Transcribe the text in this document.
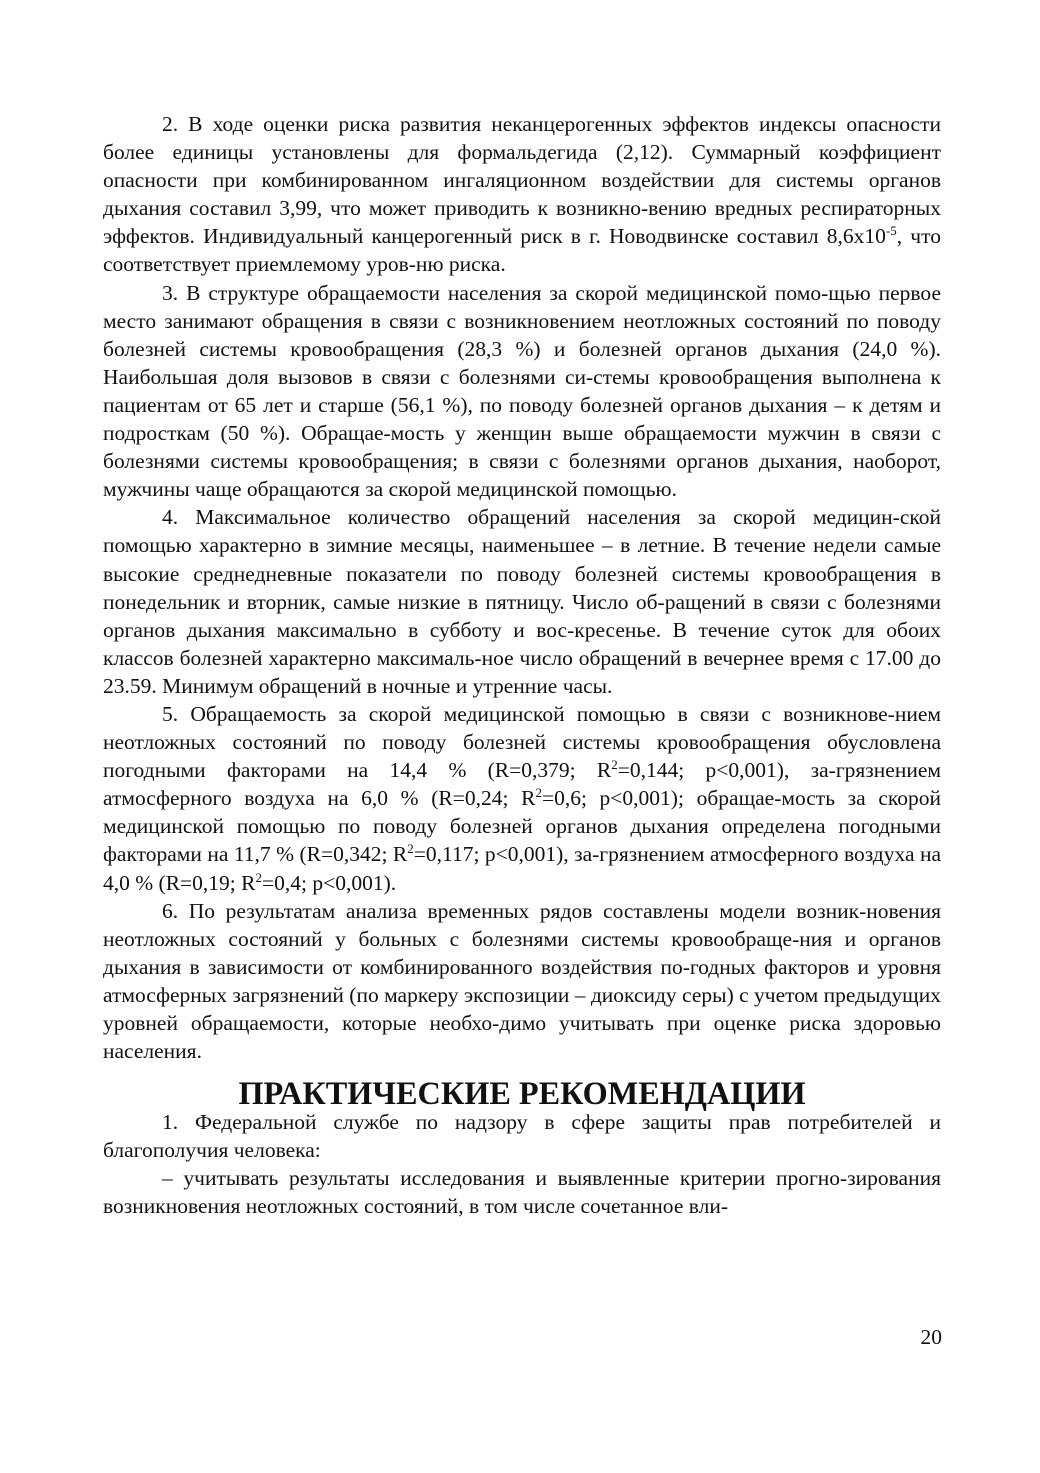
2. В ходе оценки риска развития неканцерогенных эффектов индексы опасности более единицы установлены для формальдегида (2,12). Суммарный коэффициент опасности при комбинированном ингаляционном воздействии для системы органов дыхания составил 3,99, что может приводить к возникно-вению вредных респираторных эффектов. Индивидуальный канцерогенный риск в г. Новодвинске составил $8,6х10^{-5}$, что соответствует приемлемому уров-ню риска.

3. В структуре обращаемости населения за скорой медицинской помо-щью первое место занимают обращения в связи с возникновением неотложных состояний по поводу болезней системы кровообращения (28,3 %) и болезней органов дыхания (24,0 %). Наибольшая доля вызовов в связи с болезнями си-стемы кровообращения выполнена к пациентам от 65 лет и старше (56,1 %), по поводу болезней органов дыхания – к детям и подросткам (50 %). Обращае-мость у женщин выше обращаемости мужчин в связи с болезнями системы кровообращения; в связи с болезнями органов дыхания, наоборот, мужчины чаще обращаются за скорой медицинской помощью.

4. Максимальное количество обращений населения за скорой медицин-ской помощью характерно в зимние месяцы, наименьшее – в летние. В течение недели самые высокие среднедневные показатели по поводу болезней системы кровообращения в понедельник и вторник, самые низкие в пятницу. Число об-ращений в связи с болезнями органов дыхания максимально в субботу и вос-кресенье. В течение суток для обоих классов болезней характерно максималь-ное число обращений в вечернее время с 17.00 до 23.59. Минимум обращений в ночные и утренние часы.

5. Обращаемость за скорой медицинской помощью в связи с возникнове-нием неотложных состояний по поводу болезней системы кровообращения обусловлена погодными факторами на 14,4 % (R=0,379; $R^2=0,144$; р<0,001), за-грязнением атмосферного воздуха на 6,0 % (R=0,24; $R^2=0,6$; р<0,001); обращае-мость за скорой медицинской помощью по поводу болезней органов дыхания определена погодными факторами на 11,7 % (R=0,342; $R^2=0,117$; р<0,001), за-грязнением атмосферного воздуха на 4,0 % (R=0,19; $R^2=0,4$; р<0,001).

6. По результатам анализа временных рядов составлены модели возник-новения неотложных состояний у больных с болезнями системы кровообраще-ния и органов дыхания в зависимости от комбинированного воздействия по-годных факторов и уровня атмосферных загрязнений (по маркеру экспозиции – диоксиду серы) с учетом предыдущих уровней обращаемости, которые необхо-димо учитывать при оценке риска здоровью населения.

ПРАКТИЧЕСКИЕ РЕКОМЕНДАЦИИ

1. Федеральной службе по надзору в сфере защиты прав потребителей и благополучия человека:

– учитывать результаты исследования и выявленные критерии прогно-зирования возникновения неотложных состояний, в том числе сочетанное вли-

20
